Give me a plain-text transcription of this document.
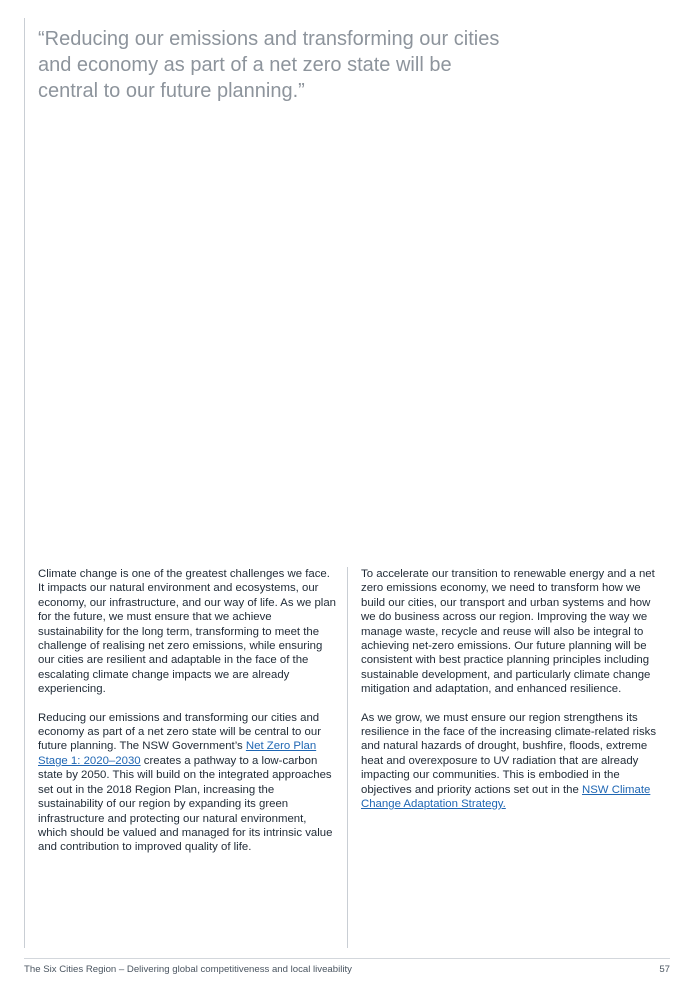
“Reducing our emissions and transforming our cities and economy as part of a net zero state will be central to our future planning.”

Climate change is one of the greatest challenges we face. It impacts our natural environment and ecosystems, our economy, our infrastructure, and our way of life. As we plan for the future, we must ensure that we achieve sustainability for the long term, transforming to meet the challenge of realising net zero emissions, while ensuring our cities are resilient and adaptable in the face of the escalating climate change impacts we are already experiencing.

Reducing our emissions and transforming our cities and economy as part of a net zero state will be central to our future planning. The NSW Government’s Net Zero Plan Stage 1: 2020–2030 creates a pathway to a low-carbon state by 2050. This will build on the integrated approaches set out in the 2018 Region Plan, increasing the sustainability of our region by expanding its green infrastructure and protecting our natural environment, which should be valued and managed for its intrinsic value and contribution to improved quality of life.

To accelerate our transition to renewable energy and a net zero emissions economy, we need to transform how we build our cities, our transport and urban systems and how we do business across our region. Improving the way we manage waste, recycle and reuse will also be integral to achieving net-zero emissions. Our future planning will be consistent with best practice planning principles including sustainable development, and particularly climate change mitigation and adaptation, and enhanced resilience.

As we grow, we must ensure our region strengthens its resilience in the face of the increasing climate-related risks and natural hazards of drought, bushfire, floods, extreme heat and overexposure to UV radiation that are already impacting our communities. This is embodied in the objectives and priority actions set out in the NSW Climate Change Adaptation Strategy.

The Six Cities Region – Delivering global competitiveness and local liveability	57
